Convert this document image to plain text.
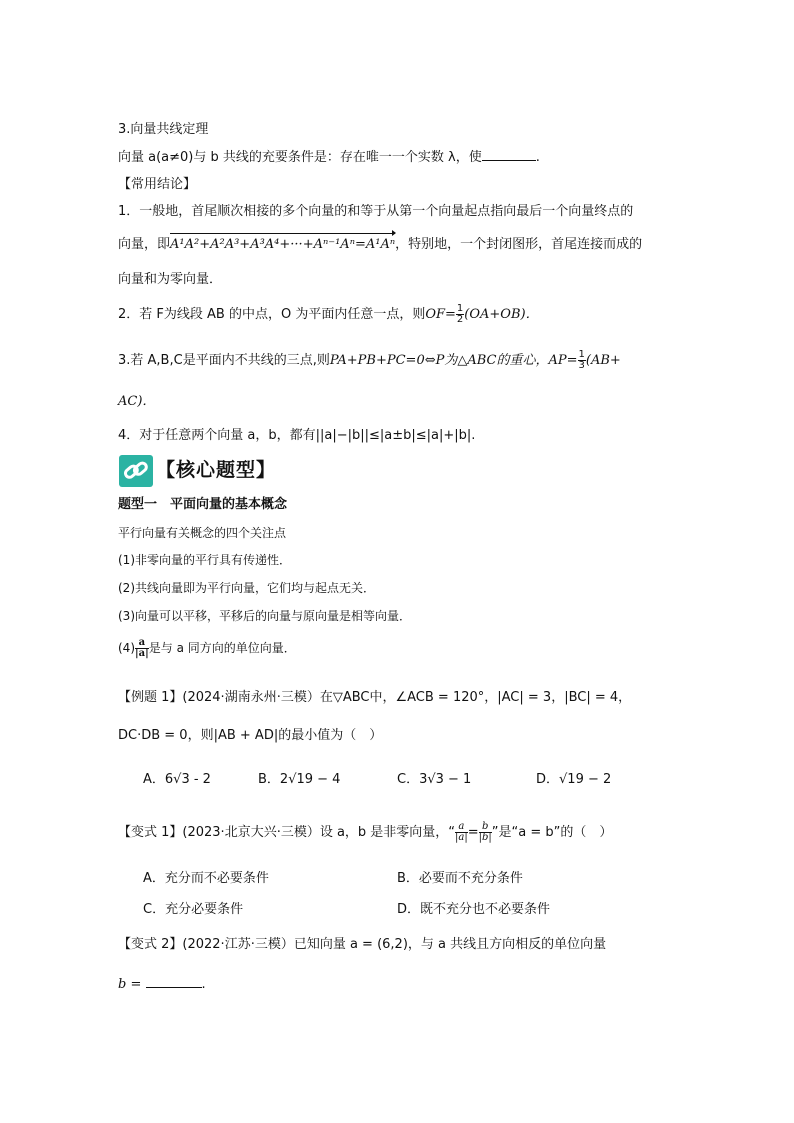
3.向量共线定理
向量 a(a≠0)与 b 共线的充要条件是：存在唯一一个实数 λ，使	.
【常用结论】
1．一般地，首尾顺次相接的多个向量的和等于从第一个向量起点指向最后一个向量终点的
向量，即A¹A²+A²A³+A³A⁴+···+Aⁿ⁻¹Aⁿ=A¹Aⁿ，特别地，一个封闭图形，首尾连接而成的
向量和为零向量．
2．若 F为线段 AB 的中点，O 为平面内任意一点，则$OF= \frac{1}{2} (OA+OB)$．
3.若 A,B,C是平面内不共线的三点,则PA+PB+PC=0⇔P为△ABC的重心，$AP= \frac{1}{3} (AB+$
AC)．
4．对于任意两个向量 a，b，都有||a|−|b||≤|a±b|≤|a|+|b|.
【核心题型】
题型一　平面向量的基本概念
平行向量有关概念的四个关注点
(1)非零向量的平行具有传递性．
(2)共线向量即为平行向量，它们均与起点无关．
(3)向量可以平移，平移后的向量与原向量是相等向量．
$(4) \frac{a}{|a|}$ 是与 a 同方向的单位向量．
【例题 1】(2024·湖南永州·三模）在▽ABC中，∠ACB = 120°，|AC| = 3，|BC| = 4，
DC·DB = 0，则|AB + AD|的最小值为（　）
A．6√3 - 2	B．2√19 − 4	C．3√3 − 1	D．√19 − 2
【变式 1】(2023·北京大兴·三模）设 a，b 是非零向量，“ $\frac{a}{|a|} = \frac{b}{|b|}$ ”是“a = b”的（　）
A．充分而不必要条件	B．必要而不充分条件
C．充分必要条件	D．既不充分也不必要条件
【变式 2】(2022·江苏·三模）已知向量 a = (6,2)，与 a 共线且方向相反的单位向量
b =	.
